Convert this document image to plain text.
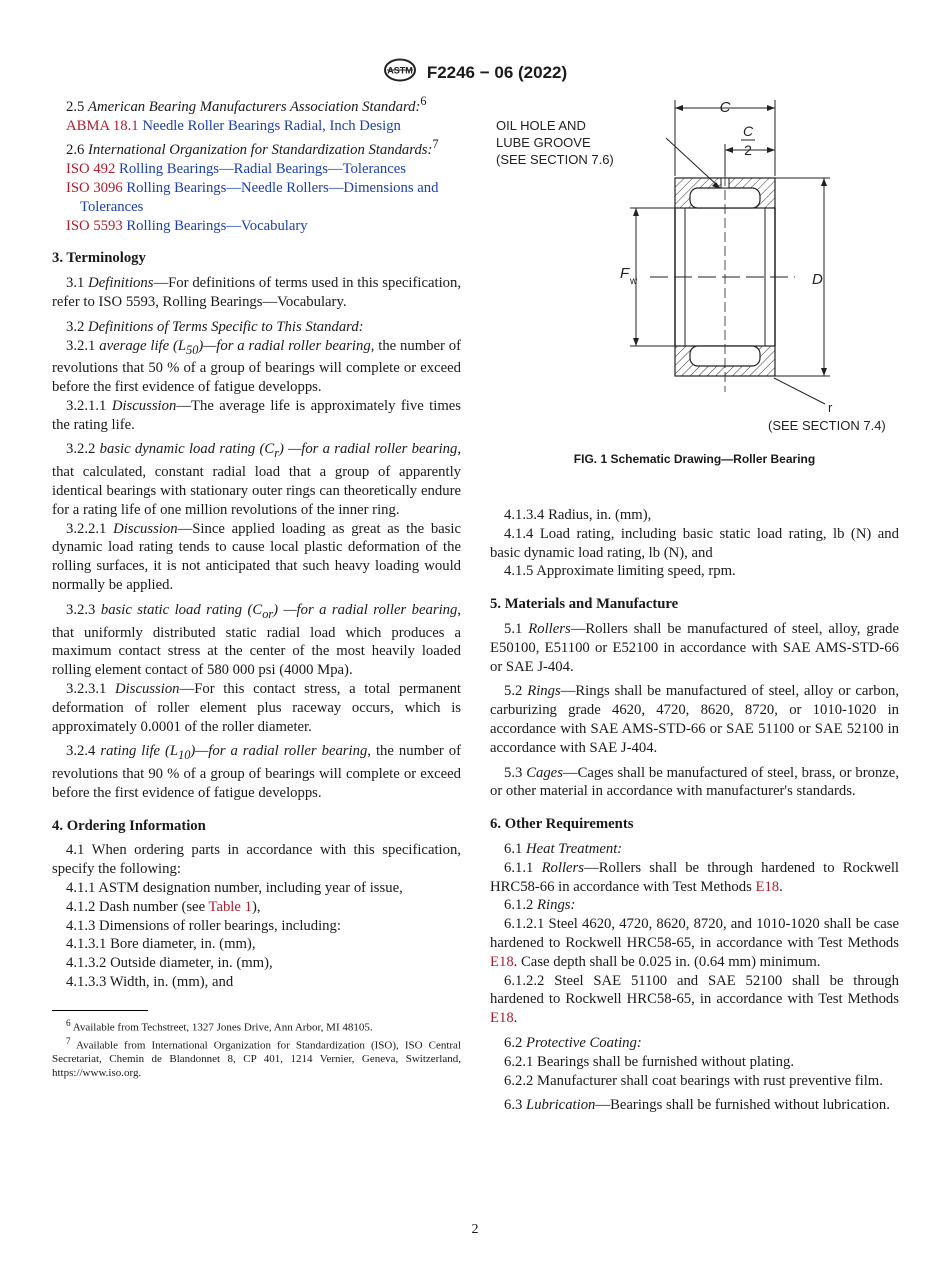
ASTM F2246 − 06 (2022)

2.5 American Bearing Manufacturers Association Standard:$^6$

ABMA 18.1 Needle Roller Bearings Radial, Inch Design

2.6 International Organization for Standardization Standards:$^7$

ISO 492 Rolling Bearings—Radial Bearings—Tolerances

ISO 3096 Rolling Bearings—Needle Rollers—Dimensions and Tolerances

ISO 5593 Rolling Bearings—Vocabulary

3. Terminology

3.1 Definitions—For definitions of terms used in this specification, refer to ISO 5593, Rolling Bearings—Vocabulary.

3.2 Definitions of Terms Specific to This Standard:

3.2.1 average life $(L_{50})—for$ a radial roller bearing, the number of revolutions that 50 % of a group of bearings will complete or exceed before the first evidence of fatigue developps.

3.2.1.1 Discussion—The average life is approximately five times the rating life.

3.2.2 basic dynamic load rating $(C_r)$ —for a radial roller bearing, that calculated, constant radial load that a group of apparently identical bearings with stationary outer rings can theoretically endure for a rating life of one million revolutions of the inner ring.

3.2.2.1 Discussion—Since applied loading as great as the basic dynamic load rating tends to cause local plastic deformation of the rolling surfaces, it is not anticipated that such heavy loading would normally be applied.

3.2.3 basic static load rating $(C_{or})$ —for a radial roller bearing, that uniformly distributed static radial load which produces a maximum contact stress at the center of the most heavily loaded rolling element contact of 580 000 psi (4000 Mpa).

3.2.3.1 Discussion—For this contact stress, a total permanent deformation of roller element plus raceway occurs, which is approximately 0.0001 of the roller diameter.

3.2.4 rating life $(L_{10})—for$ a radial roller bearing, the number of revolutions that 90 % of a group of bearings will complete or exceed before the first evidence of fatigue developps.

4. Ordering Information

4.1 When ordering parts in accordance with this specification, specify the following:

4.1.1 ASTM designation number, including year of issue,

4.1.2 Dash number (see Table 1),

4.1.3 Dimensions of roller bearings, including:

4.1.3.1 Bore diameter, in. (mm),

4.1.3.2 Outside diameter, in. (mm),

4.1.3.3 Width, in. (mm), and

$^6$ Available from Techstreet, 1327 Jones Drive, Ann Arbor, MI 48105.

$^7$ Available from International Organization for Standardization (ISO), ISO Central Secretariat, Chemin de Blandonnet 8, CP 401, 1214 Vernier, Geneva, Switzerland, https://www.iso.org.

C
C
2
OIL HOLE AND
LUBE GROOVE
(SEE SECTION 7.6)
F w	D
r
(SEE SECTION 7.4)
FIG. 1 Schematic Drawing—Roller Bearing

4.1.3.4 Radius, in. (mm),

4.1.4 Load rating, including basic static load rating, lb (N) and basic dynamic load rating, lb (N), and

4.1.5 Approximate limiting speed, rpm.

5. Materials and Manufacture

5.1 Rollers—Rollers shall be manufactured of steel, alloy, grade E50100, E51100 or E52100 in accordance with SAE AMS-STD-66 or SAE J-404.

5.2 Rings—Rings shall be manufactured of steel, alloy or carbon, carburizing grade 4620, 4720, 8620, 8720, or 1010-1020 in accordance with SAE AMS-STD-66 or SAE 51100 or SAE 52100 in accordance with SAE J-404.

5.3 Cages—Cages shall be manufactured of steel, brass, or bronze, or other material in accordance with manufacturer's standards.

6. Other Requirements

6.1 Heat Treatment:

6.1.1 Rollers—Rollers shall be through hardened to Rockwell HRC58-66 in accordance with Test Methods E18.

6.1.2 Rings:

6.1.2.1 Steel 4620, 4720, 8620, 8720, and 1010-1020 shall be case hardened to Rockwell HRC58-65, in accordance with Test Methods E18. Case depth shall be 0.025 in. (0.64 mm) minimum.

6.1.2.2 Steel SAE 51100 and SAE 52100 shall be through hardened to Rockwell HRC58-65, in accordance with Test Methods E18.

6.2 Protective Coating:

6.2.1 Bearings shall be furnished without plating.

6.2.2 Manufacturer shall coat bearings with rust preventive film.

6.3 Lubrication—Bearings shall be furnished without lubrication.

2
